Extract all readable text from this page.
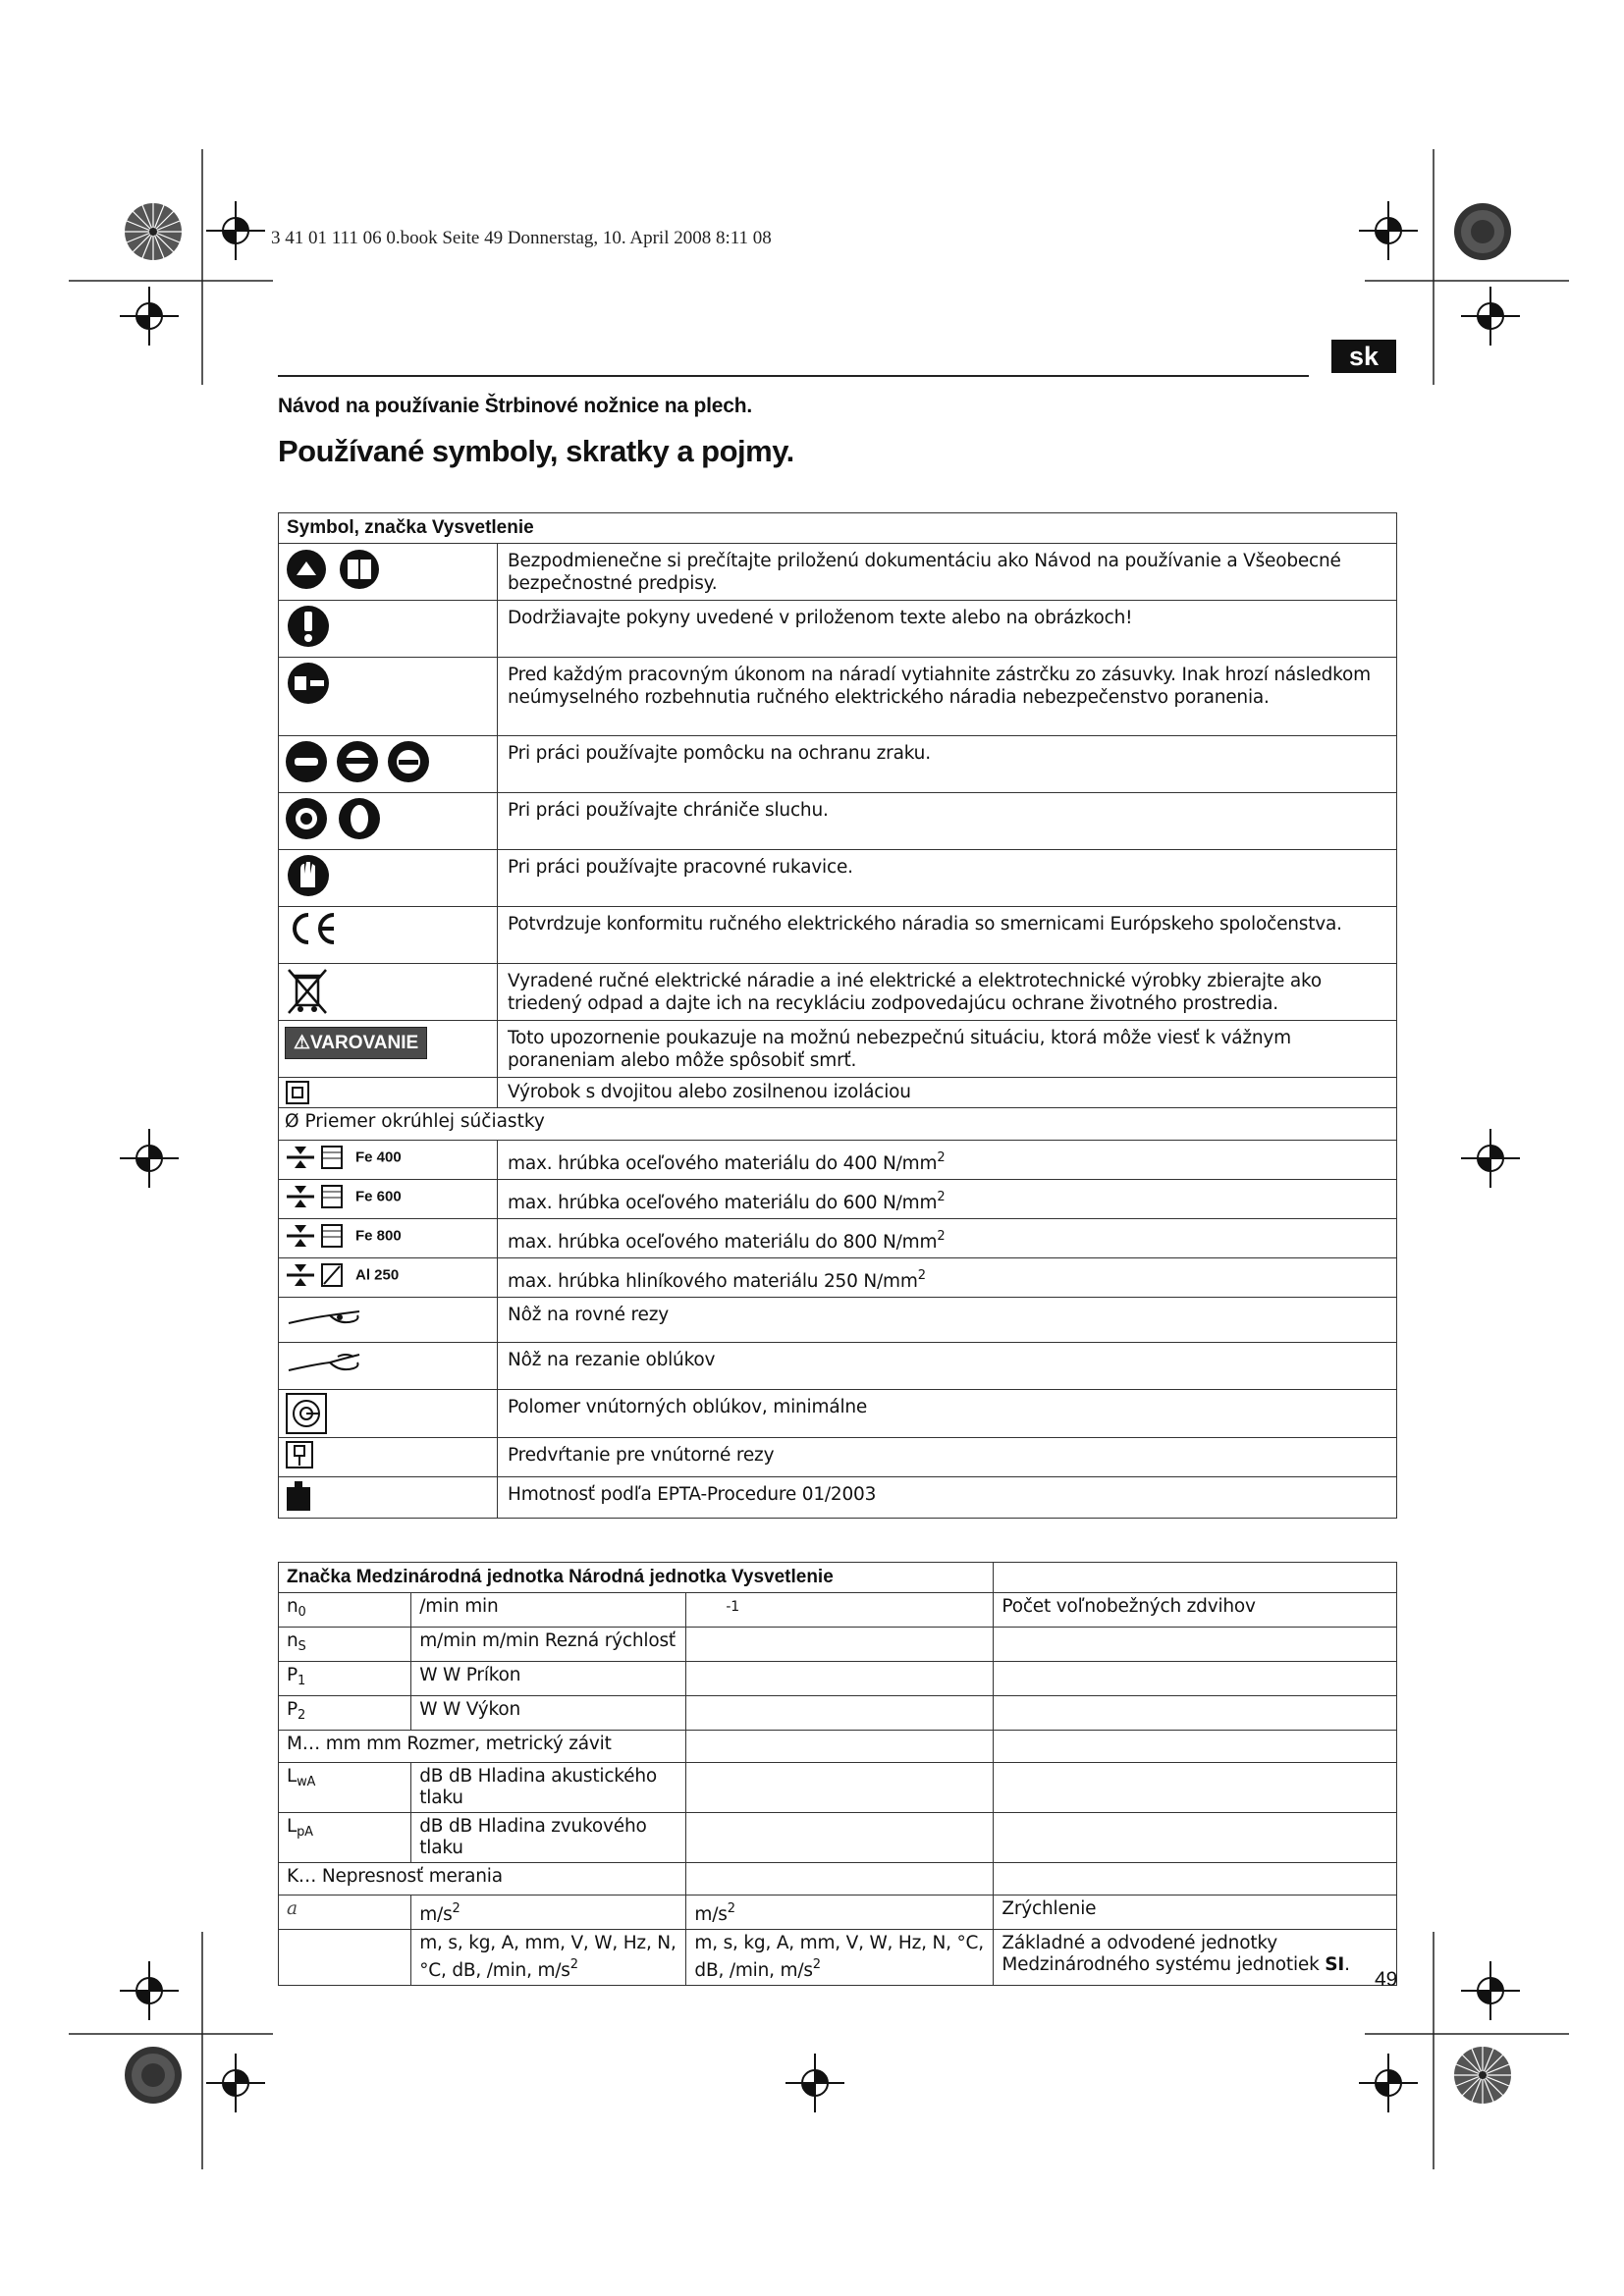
3 41 01 111 06 0.book Seite 49 Donnerstag, 10. April 2008 8:11 08
sk
Návod na používanie Štrbinové nožnice na plech.
Používané symboly, skratky a pojmy.
Symbol, značka Vysvetlenie	
	Bezpodmienečne si prečítajte priloženú dokumentáciu ako Návod na používanie a Všeobecné bezpečnostné predpisy.
	Dodržiavajte pokyny uvedené v priloženom texte alebo na obrázkoch!
	Pred každým pracovným úkonom na náradí vytiahnite zástrčku zo zásuvky. Inak hrozí následkom neúmyselného rozbehnutia ručného elektrického náradia nebezpečenstvo poranenia.
	Pri práci používajte pomôcku na ochranu zraku.
	Pri práci používajte chrániče sluchu.
	Pri práci používajte pracovné rukavice.
	Potvrdzuje konformitu ručného elektrického náradia so smernicami Európskeho spoločenstva.
	Vyradené ručné elektrické náradie a iné elektrické a elektrotechnické výrobky zbierajte ako triedený odpad a dajte ich na recykláciu zodpovedajúcu ochrane životného prostredia.
⚠VAROVANIE	Toto upozornenie poukazuje na možnú nebezpečnú situáciu, ktorá môže viesť k vážnym poraneniam alebo môže spôsobiť smrť.
	Výrobok s dvojitou alebo zosilnenou izoláciou
Ø Priemer okrúhlej súčiastky	
Fe 400	max. hrúbka oceľového materiálu do 400 $N/mm^2$
Fe 600	max. hrúbka oceľového materiálu do 600 $N/mm^2$
Fe 800	max. hrúbka oceľového materiálu do 800 $N/mm^2$
Al 250	max. hrúbka hliníkového materiálu 250 $N/mm^2$
	Nôž na rovné rezy
	Nôž na rezanie oblúkov
	Polomer vnútorných oblúkov, minimálne
	Predvŕtanie pre vnútorné rezy
	Hmotnosť podľa EPTA-Procedure 01/2003
Značka Medzinárodná jednotka Národná jednotka Vysvetlenie			
$n_0$	/min min	-1	Počet voľnobežných zdvihov
$n_S$	m/min m/min Rezná rýchlosť		
$P_1$	W W Príkon		
$P_2$	W W Výkon		
M… mm mm Rozmer, metrický závit			
$L_{wA}$	dB dB Hladina akustického tlaku		
$L_{pA}$	dB dB Hladina zvukového tlaku		
K… Nepresnosť merania			
a	$m/s^2$	$m/s^2$	Zrýchlenie
	m, s, kg, A, mm, V, W, Hz, N, °C, dB, /min, $m/s^2$	m, s, kg, A, mm, V, W, Hz, N, °C, dB, /min, $m/s^2$	Základné a odvodené jednotky
Medzinárodného systému jednotiek SI.
49
